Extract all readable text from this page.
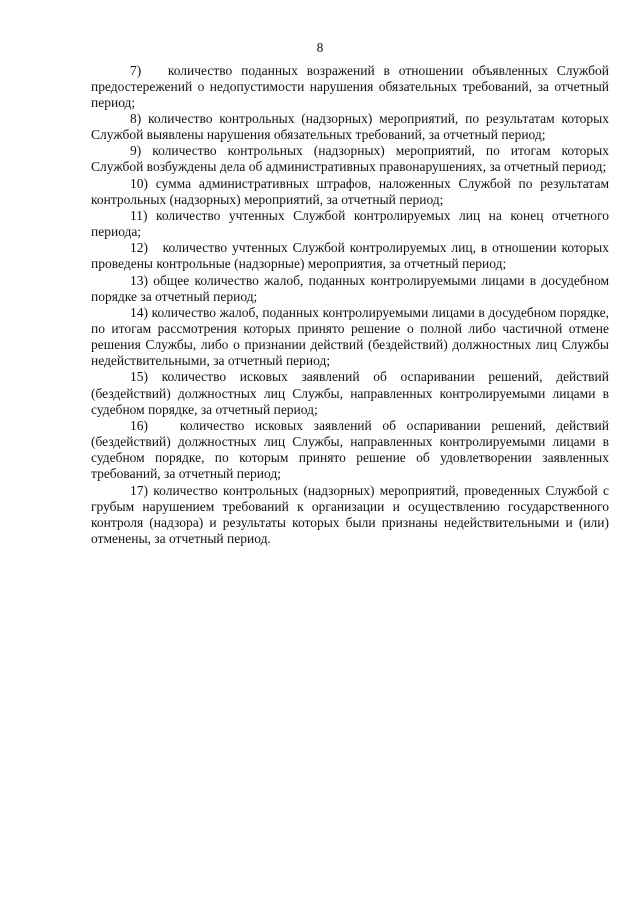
8

7)   количество поданных возражений в отношении объявленных Службой предостережений о недопустимости нарушения обязательных требований, за отчетный период;

8) количество контрольных (надзорных) мероприятий, по результатам которых Службой выявлены нарушения обязательных требований, за отчетный период;

9) количество контрольных (надзорных) мероприятий, по итогам которых Службой возбуждены дела об административных правонарушениях, за отчетный период;

10) сумма административных штрафов, наложенных Службой по результатам контрольных (надзорных) мероприятий, за отчетный период;

11) количество учтенных Службой контролируемых лиц на конец отчетного периода;

12)   количество учтенных Службой контролируемых лиц, в отношении которых проведены контрольные (надзорные) мероприятия, за отчетный период;

13) общее количество жалоб, поданных контролируемыми лицами в досудебном порядке за отчетный период;

14) количество жалоб, поданных контролируемыми лицами в досудебном порядке, по итогам рассмотрения которых принято решение о полной либо частичной отмене решения Службы, либо о признании действий (бездействий) должностных лиц Службы недействительными, за отчетный период;

15) количество исковых заявлений об оспаривании решений, действий (бездействий) должностных лиц Службы, направленных контролируемыми лицами в судебном порядке, за отчетный период;

16)   количество исковых заявлений об оспаривании решений, действий (бездействий) должностных лиц Службы, направленных контролируемыми лицами в судебном порядке, по которым принято решение об удовлетворении заявленных требований, за отчетный период;

17) количество контрольных (надзорных) мероприятий, проведенных Службой с грубым нарушением требований к организации и осуществлению государственного контроля (надзора) и результаты которых были признаны недействительными и (или) отменены, за отчетный период.
